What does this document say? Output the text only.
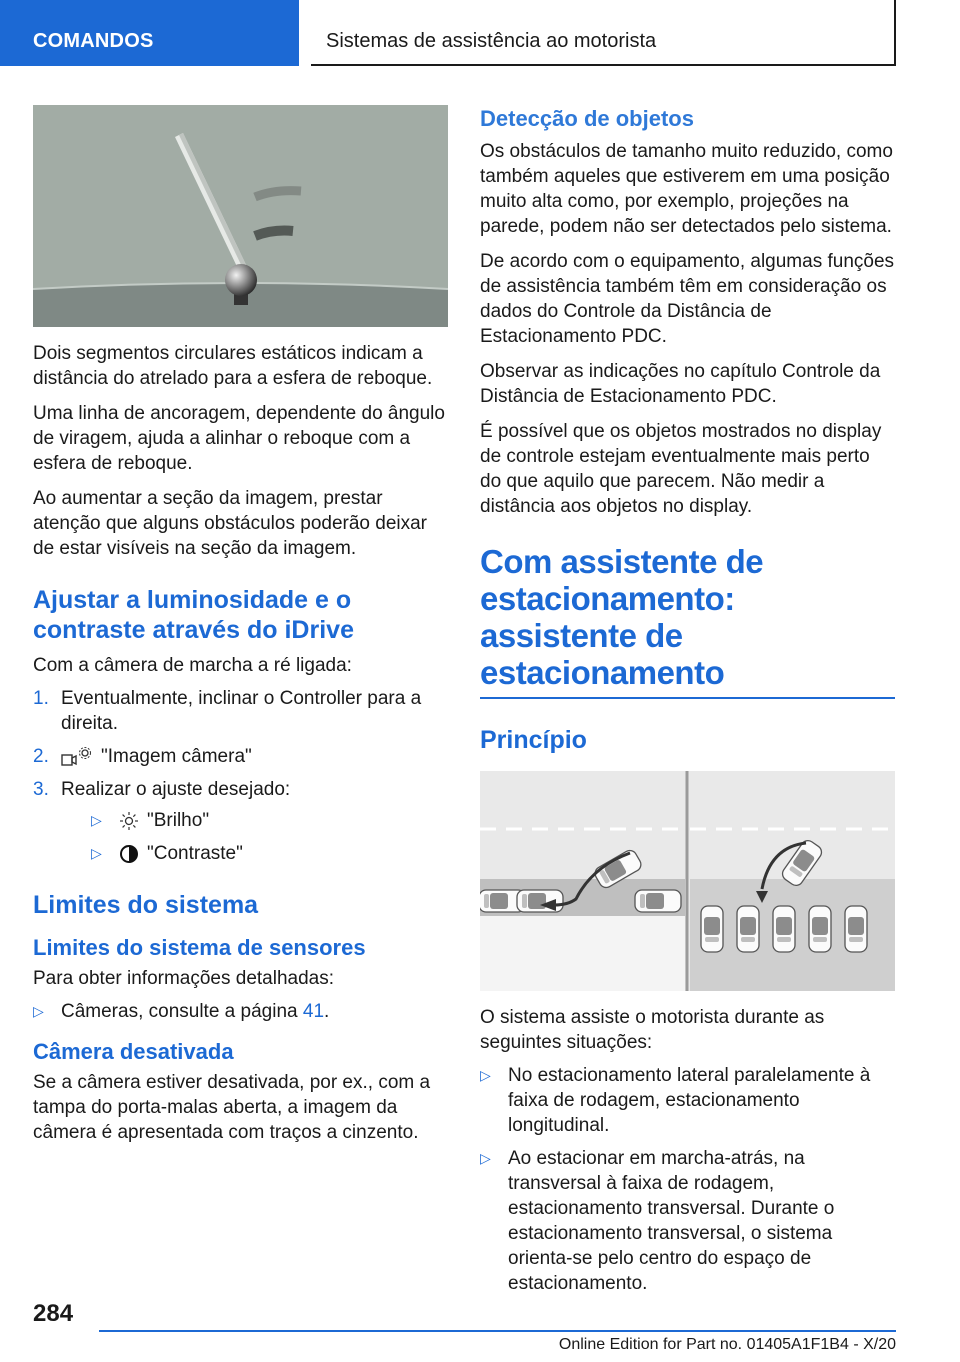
COMANDOS	Sistemas de assistência ao motorista

Dois segmentos circulares estáticos indicam a distância do atrelado para a esfera de reboque.

Uma linha de ancoragem, dependente do ângulo de viragem, ajuda a alinhar o reboque com a esfera de reboque.

Ao aumentar a seção da imagem, prestar atenção que alguns obstáculos poderão deixar de estar visíveis na seção da imagem.

Ajustar a luminosidade e o contraste através do iDrive

Com a câmera de marcha a ré ligada:

1. Eventualmente, inclinar o Controller para a direita.
2.	"Imagem câmera"
3. Realizar o ajuste desejado:
▷ "Brilho"
▷ "Contraste"
Limites do sistema
Limites do sistema de sensores

Para obter informações detalhadas:

▷ Câmeras, consulte a página 41.
Câmera desativada

Se a câmera estiver desativada, por ex., com a tampa do porta-malas aberta, a imagem da câmera é apresentada com traços a cinzento.

Detecção de objetos

Os obstáculos de tamanho muito reduzido, como também aqueles que estiverem em uma posição muito alta como, por exemplo, projeções na parede, podem não ser detectados pelo sistema.

De acordo com o equipamento, algumas funções de assistência também têm em consideração os dados do Controle da Distância de Estacionamento PDC.

Observar as indicações no capítulo Controle da Distância de Estacionamento PDC.

É possível que os objetos mostrados no display de controle estejam eventualmente mais perto do que aquilo que parecem. Não medir a distância aos objetos no display.

Com assistente de estacionamento: assistente de estacionamento
Princípio

O sistema assiste o motorista durante as seguintes situações:

▷ No estacionamento lateral paralelamente à faixa de rodagem, estacionamento longitudinal.
▷ Ao estacionar em marcha-atrás, na transversal à faixa de rodagem, estacionamento transversal. Durante o estacionamento transversal, o sistema orienta-se pelo centro do espaço de estacionamento.
284
Online Edition for Part no. 01405A1F1B4 - X/20
